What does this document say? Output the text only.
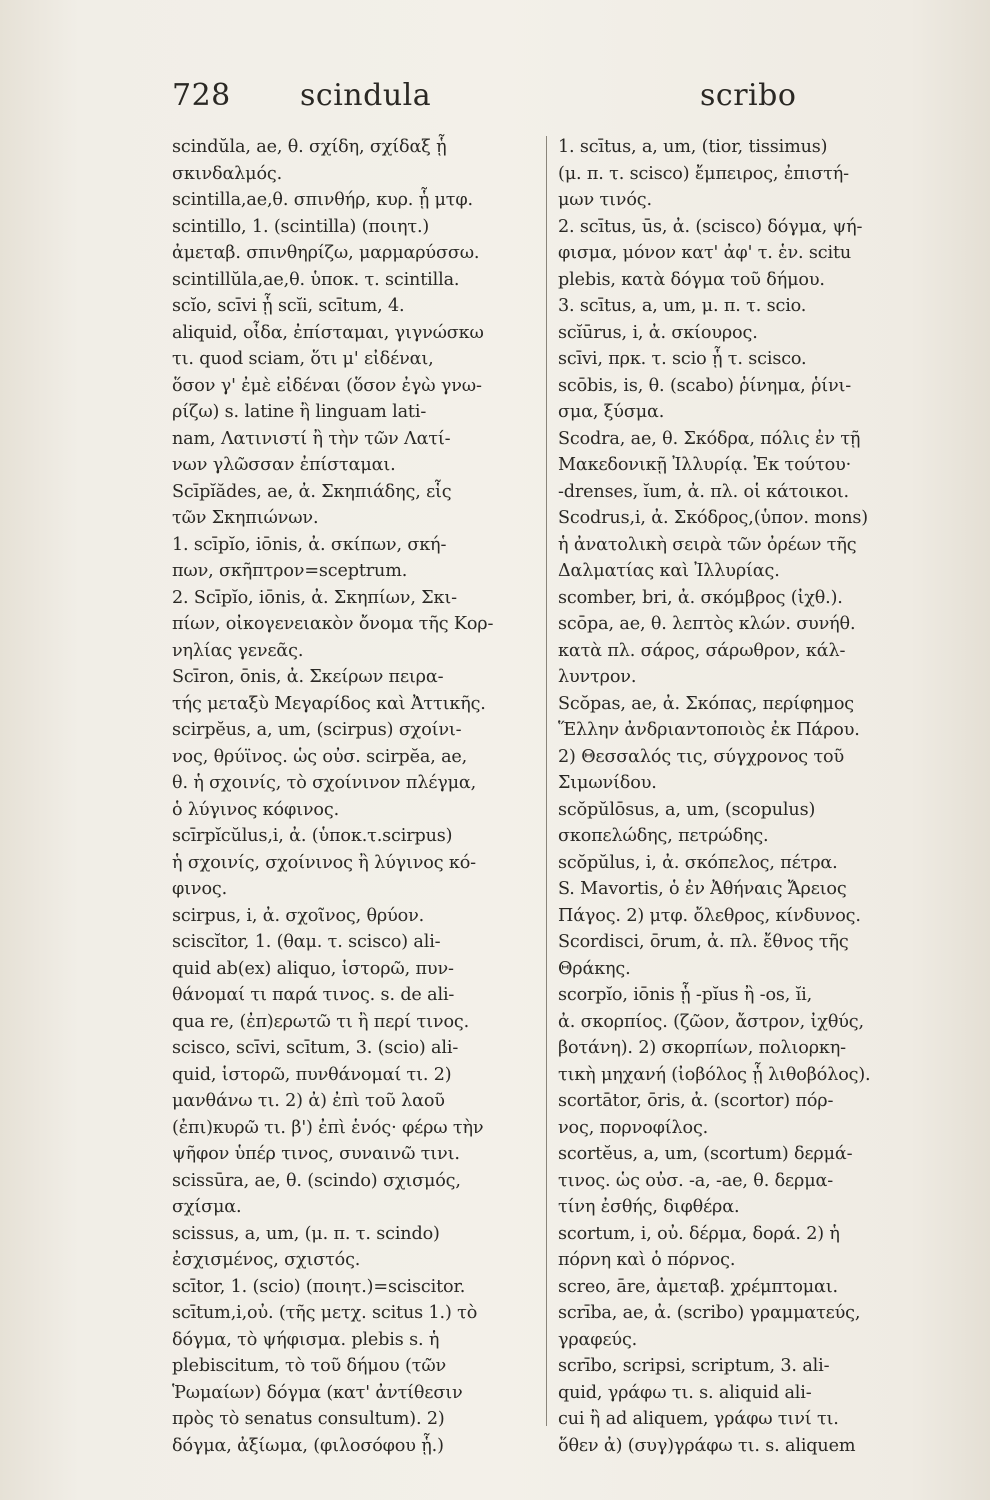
728 scindula	scribo
scindŭla, ae, θ. σχίδη, σχίδαξ ᾗ
σκινδαλμός.
scintilla,ae,θ. σπινθήρ, κυρ. ᾗ μτφ.
scintillo, 1. (scintilla) (ποιητ.)
ἀμεταβ. σπινθηρίζω, μαρμαρύσσω.
scintillŭla,ae,θ. ὑποκ. τ. scintilla.
scĭo, scīvi ᾗ scĭi, scītum, 4.
aliquid, οἶδα, ἐπίσταμαι, γιγνώσκω
τι. quod sciam, ὅτι μ' εἰδέναι,
ὅσον γ' ἐμὲ εἰδέναι (ὅσον ἐγὼ γνω-
ρίζω) s. latine ἢ linguam lati-
nam, Λατινιστί ἢ τὴν τῶν Λατί-
νων γλῶσσαν ἐπίσταμαι.
Scīpĭădes, ae, ἀ. Σκηπιάδης, εἷς
τῶν Σκηπιώνων.
1. scīpĭo, iōnis, ἀ. σκίπων, σκή-
πων, σκῆπτρον=sceptrum.
2. Scīpĭo, iōnis, ἀ. Σκηπίων, Σκι-
πίων, οἰκογενειακὸν ὄνομα τῆς Κορ-
νηλίας γενεᾶς.
Scīron, ōnis, ἀ. Σκείρων πειρα-
τής μεταξὺ Μεγαρίδος καὶ Ἀττικῆς.
scirpĕus, a, um, (scirpus) σχοίνι-
νος, θρύϊνος. ὡς οὐσ. scirpĕa, ae,
θ. ἡ σχοινίς, τὸ σχοίνινον πλέγμα,
ὁ λύγινος κόφινος.
scīrpĭcŭlus,i, ἀ. (ὑποκ.τ.scirpus)
ἡ σχοινίς, σχοίνινος ἢ λύγινος κό-
φινος.
scirpus, i, ἀ. σχοῖνος, θρύον.
sciscĭtor, 1. (θαμ. τ. scisco) ali-
quid ab(ex) aliquo, ἱστορῶ, πυν-
θάνομαί τι παρά τινος. s. de ali-
qua re, (ἐπ)ερωτῶ τι ἢ περί τινος.
scisco, scīvi, scītum, 3. (scio) ali-
quid, ἱστορῶ, πυνθάνομαί τι. 2)
μανθάνω τι. 2) ἀ) ἐπὶ τοῦ λαοῦ
(ἐπι)κυρῶ τι. β') ἐπὶ ἑνός· φέρω τὴν
ψῆφον ὑπέρ τινος, συναινῶ τινι.
scissūra, ae, θ. (scindo) σχισμός,
σχίσμα.
scissus, a, um, (μ. π. τ. scindo)
ἐσχισμένος, σχιστός.
scītor, 1. (scio) (ποιητ.)=sciscitor.
scītum,i,οὐ. (τῆς μετχ. scitus 1.) τὸ
δόγμα, τὸ ψήφισμα. plebis s. ἡ
plebiscitum, τὸ τοῦ δήμου (τῶν
Ῥωμαίων) δόγμα (κατ' ἀντίθεσιν
πρὸς τὸ senatus consultum). 2)
δόγμα, ἀξίωμα, (φιλοσόφου ᾗ.)
1. scītus, a, um, (tior, tissimus)
(μ. π. τ. scisco) ἔμπειρος, ἐπιστή-
μων τινός.
2. scītus, ūs, ἀ. (scisco) δόγμα, ψή-
φισμα, μόνον κατ' ἀφ' τ. ἑν. scitu
plebis, κατὰ δόγμα τοῦ δήμου.
3. scītus, a, um, μ. π. τ. scio.
scĭūrus, i, ἀ. σκίουρος.
scīvi, πρκ. τ. scio ᾗ τ. scisco.
scōbis, is, θ. (scabo) ῥίνημα, ῥίνι-
σμα, ξύσμα.
Scodra, ae, θ. Σκόδρα, πόλις ἐν τῇ
Μακεδονικῇ Ἰλλυρίᾳ. Ἐκ τούτου·
-drenses, ĭum, ἀ. πλ. οἱ κάτοικοι.
Scodrus,i, ἀ. Σκόδρος,(ὑπον. mons)
ἡ ἀνατολικὴ σειρὰ τῶν ὀρέων τῆς
Δαλματίας καὶ Ἰλλυρίας.
scomber, bri, ἀ. σκόμβρος (ἰχθ.).
scōpa, ae, θ. λεπτὸς κλών. συνήθ.
κατὰ πλ. σάρος, σάρωθρον, κάλ-
λυντρον.
Scŏpas, ae, ἀ. Σκόπας, περίφημος
Ἕλλην ἀνδριαντοποιὸς ἐκ Πάρου.
2) Θεσσαλός τις, σύγχρονος τοῦ
Σιμωνίδου.
scŏpŭlōsus, a, um, (scopulus)
σκοπελώδης, πετρώδης.
scŏpŭlus, i, ἀ. σκόπελος, πέτρα.
S. Mavortis, ὁ ἐν Ἀθήναις Ἄρειος
Πάγος. 2) μτφ. ὄλεθρος, κίνδυνος.
Scordisci, ōrum, ἀ. πλ. ἔθνος τῆς
Θράκης.
scorpĭo, iōnis ᾗ -pĭus ἢ -os, ĭi,
ἀ. σκορπίος. (ζῶον, ἄστρον, ἰχθύς,
βοτάνη). 2) σκορπίων, πολιορκη-
τικὴ μηχανή (ἰοβόλος ᾗ λιθοβόλος).
scortātor, ōris, ἀ. (scortor) πόρ-
νος, πορνοφίλος.
scortĕus, a, um, (scortum) δερμά-
τινος. ὡς οὐσ. -a, -ae, θ. δερμα-
τίνη ἐσθής, διφθέρα.
scortum, i, οὐ. δέρμα, δορά. 2) ἡ
πόρνη καὶ ὁ πόρνος.
screo, āre, ἀμεταβ. χρέμπτομαι.
scrība, ae, ἀ. (scribo) γραμματεύς,
γραφεύς.
scrībo, scripsi, scriptum, 3. ali-
quid, γράφω τι. s. aliquid ali-
cui ἢ ad aliquem, γράφω τινί τι.
ὅθεν ἀ) (συγ)γράφω τι. s. aliquem
